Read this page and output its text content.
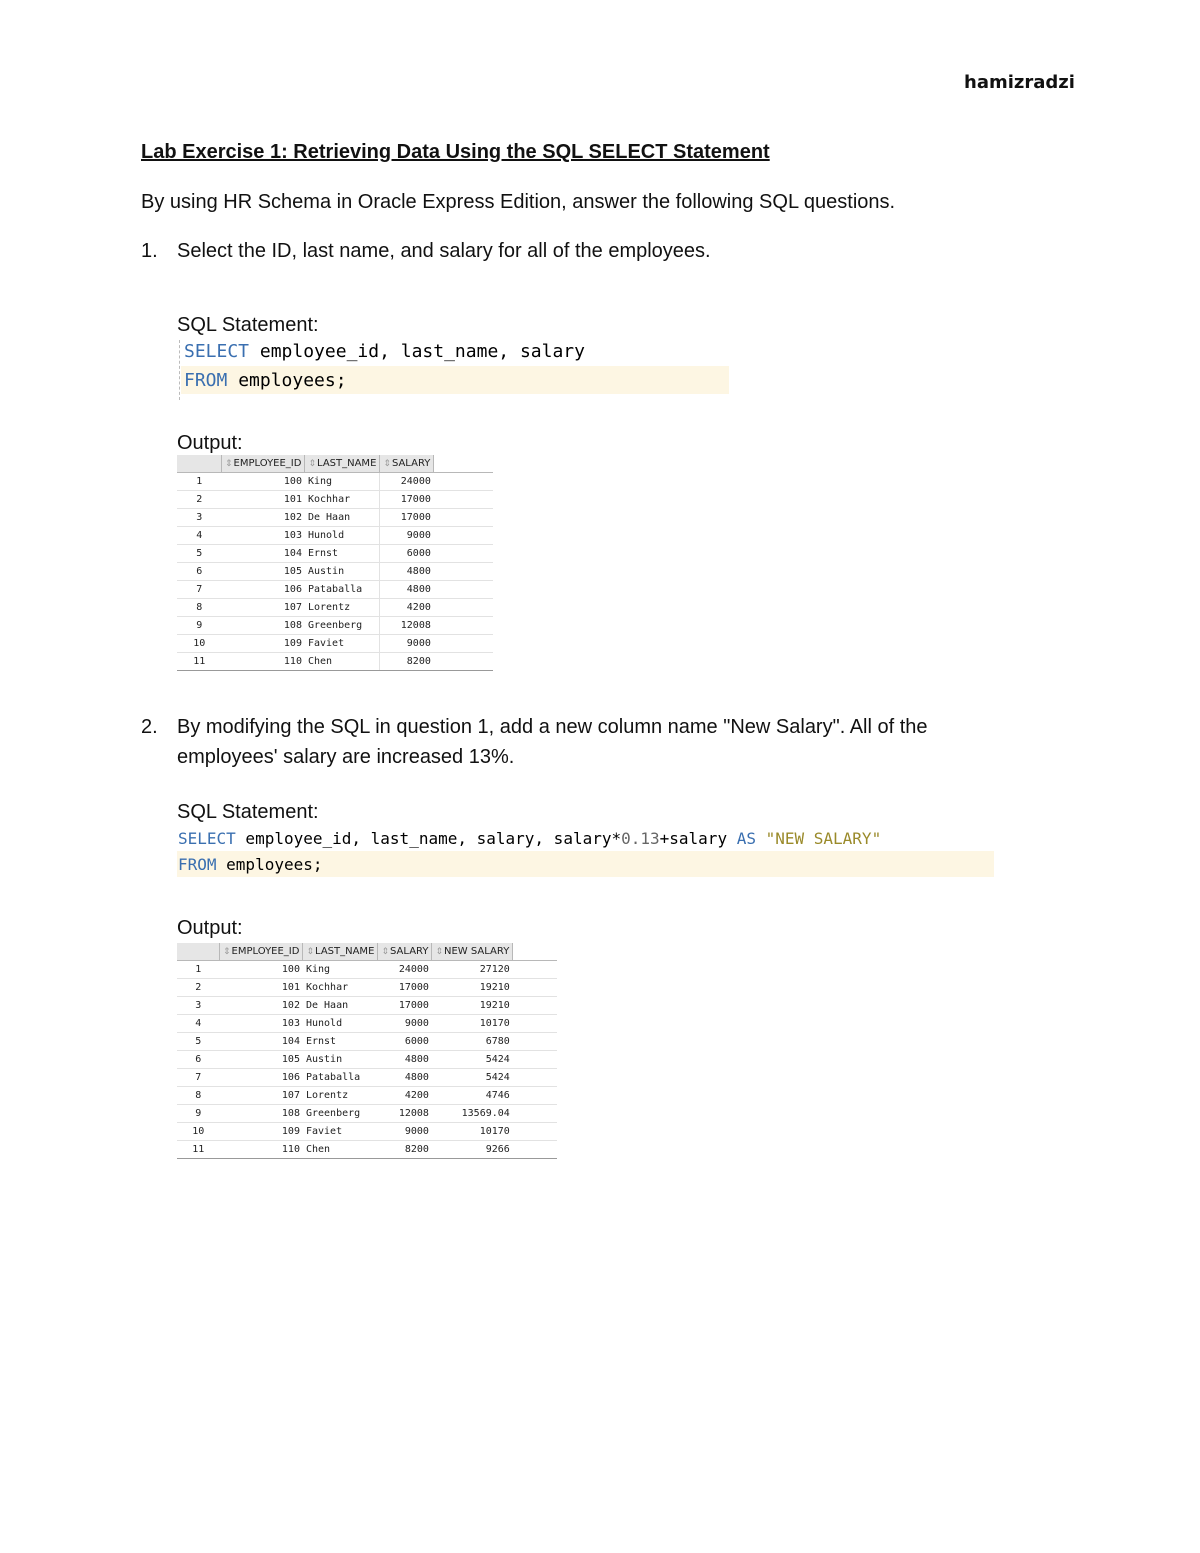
hamizradzi
Lab Exercise 1: Retrieving Data Using the SQL SELECT Statement
By using HR Schema in Oracle Express Edition, answer the following SQL questions.
1. Select the ID, last name, and salary for all of the employees.
SQL Statement:
SELECT employee_id, last_name, salary
FROM employees;
Output:
	⇕EMPLOYEE_ID	⇕LAST_NAME	⇕SALARY	
1	100	King	24000	
2	101	Kochhar	17000	
3	102	De Haan	17000	
4	103	Hunold	9000	
5	104	Ernst	6000	
6	105	Austin	4800	
7	106	Pataballa	4800	
8	107	Lorentz	4200	
9	108	Greenberg	12008	
10	109	Faviet	9000	
11	110	Chen	8200	
2. By modifying the SQL in question 1, add a new column name "New Salary". All of the employees' salary are increased 13%.
SQL Statement:
SELECT employee_id, last_name, salary, salary*0.13+salary AS "NEW SALARY"
FROM employees;
Output:
	⇕EMPLOYEE_ID	⇕LAST_NAME	⇕SALARY	⇕NEW SALARY	
1	100	King	24000	27120	
2	101	Kochhar	17000	19210	
3	102	De Haan	17000	19210	
4	103	Hunold	9000	10170	
5	104	Ernst	6000	6780	
6	105	Austin	4800	5424	
7	106	Pataballa	4800	5424	
8	107	Lorentz	4200	4746	
9	108	Greenberg	12008	13569.04	
10	109	Faviet	9000	10170	
11	110	Chen	8200	9266	
